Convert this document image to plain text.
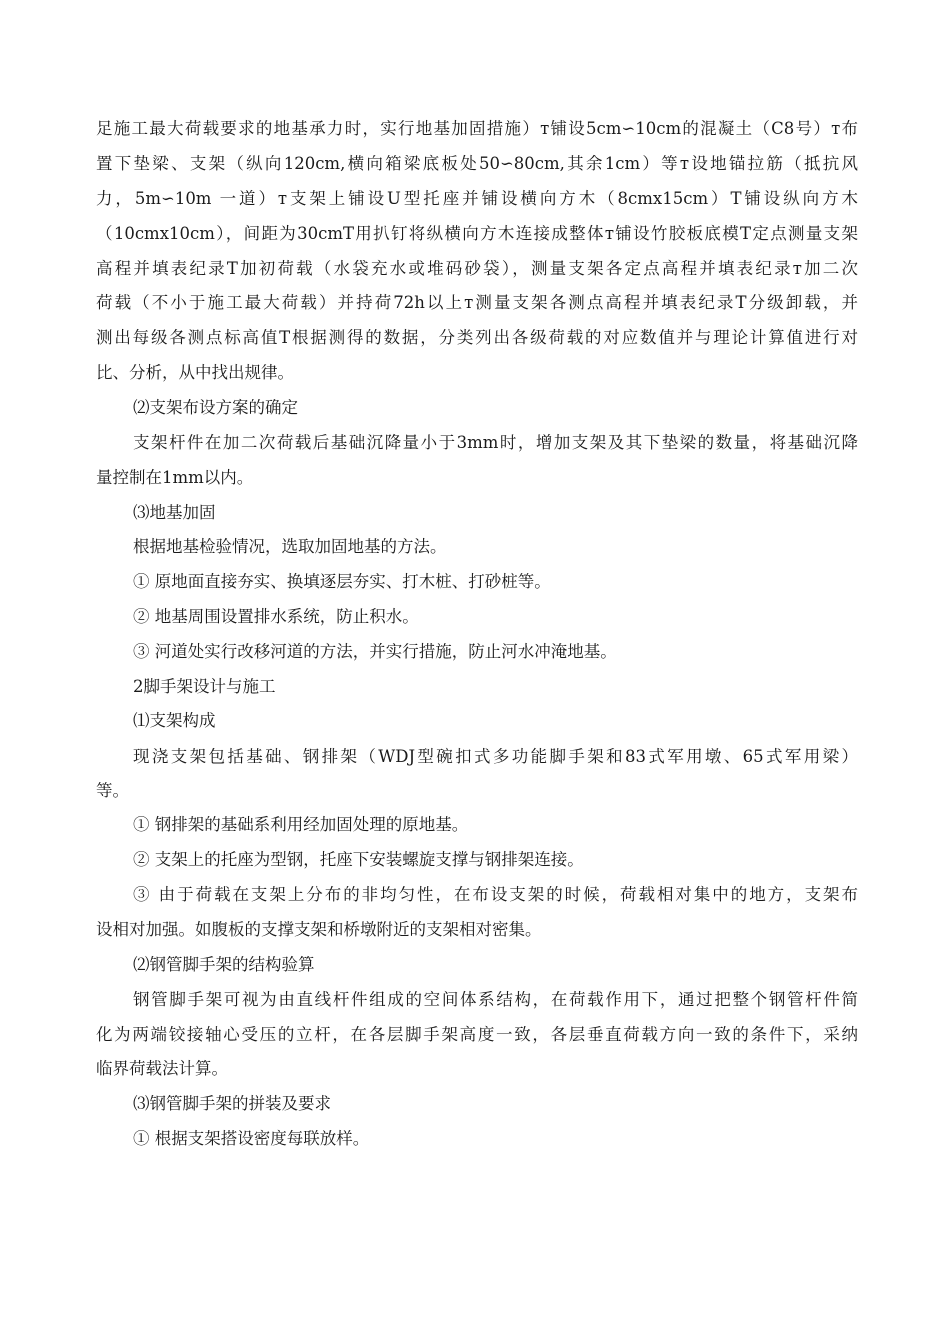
足施工最大荷载要求的地基承力时，实行地基加固措施）ᴛ铺设5cm∽10cm的混凝土（C8号）ᴛ布

置下垫梁、支架（纵向120cm,横向箱梁底板处50∽80cm,其余1cm）等ᴛ设地锚拉筋（抵抗风

力，5m∽10m 一道）ᴛ支架上铺设U型托座并铺设横向方木（8cmx15cm）T铺设纵向方木

（10cmx10cm），间距为30cmT用扒钉将纵横向方木连接成整体ᴛ铺设竹胶板底模T定点测量支架

高程并填表纪录T加初荷载（水袋充水或堆码砂袋），测量支架各定点高程并填表纪录ᴛ加二次

荷载（不小于施工最大荷载）并持荷72h以上ᴛ测量支架各测点高程并填表纪录T分级卸载，并

测出每级各测点标高值T根据测得的数据，分类列出各级荷载的对应数值并与理论计算值进行对

比、分析，从中找出规律。

⑵支架布设方案的确定

支架杆件在加二次荷载后基础沉降量小于3mm时，增加支架及其下垫梁的数量，将基础沉降

量控制在1mm以内。

⑶地基加固

根据地基检验情况，选取加固地基的方法。

① 原地面直接夯实、换填逐层夯实、打木桩、打砂桩等。

② 地基周围设置排水系统，防止积水。

③ 河道处实行改移河道的方法，并实行措施，防止河水冲淹地基。

2脚手架设计与施工

⑴支架构成

现浇支架包括基础、钢排架（WDJ型碗扣式多功能脚手架和83式军用墩、65式军用梁）

等。

① 钢排架的基础系利用经加固处理的原地基。

② 支架上的托座为型钢，托座下安装螺旋支撑与钢排架连接。

③ 由于荷载在支架上分布的非均匀性，在布设支架的时候，荷载相对集中的地方，支架布

设相对加强。如腹板的支撑支架和桥墩附近的支架相对密集。

⑵钢管脚手架的结构验算

钢管脚手架可视为由直线杆件组成的空间体系结构，在荷载作用下，通过把整个钢管杆件简

化为两端铰接轴心受压的立杆，在各层脚手架高度一致，各层垂直荷载方向一致的条件下，采纳

临界荷载法计算。

⑶钢管脚手架的拼装及要求

① 根据支架搭设密度每联放样。
